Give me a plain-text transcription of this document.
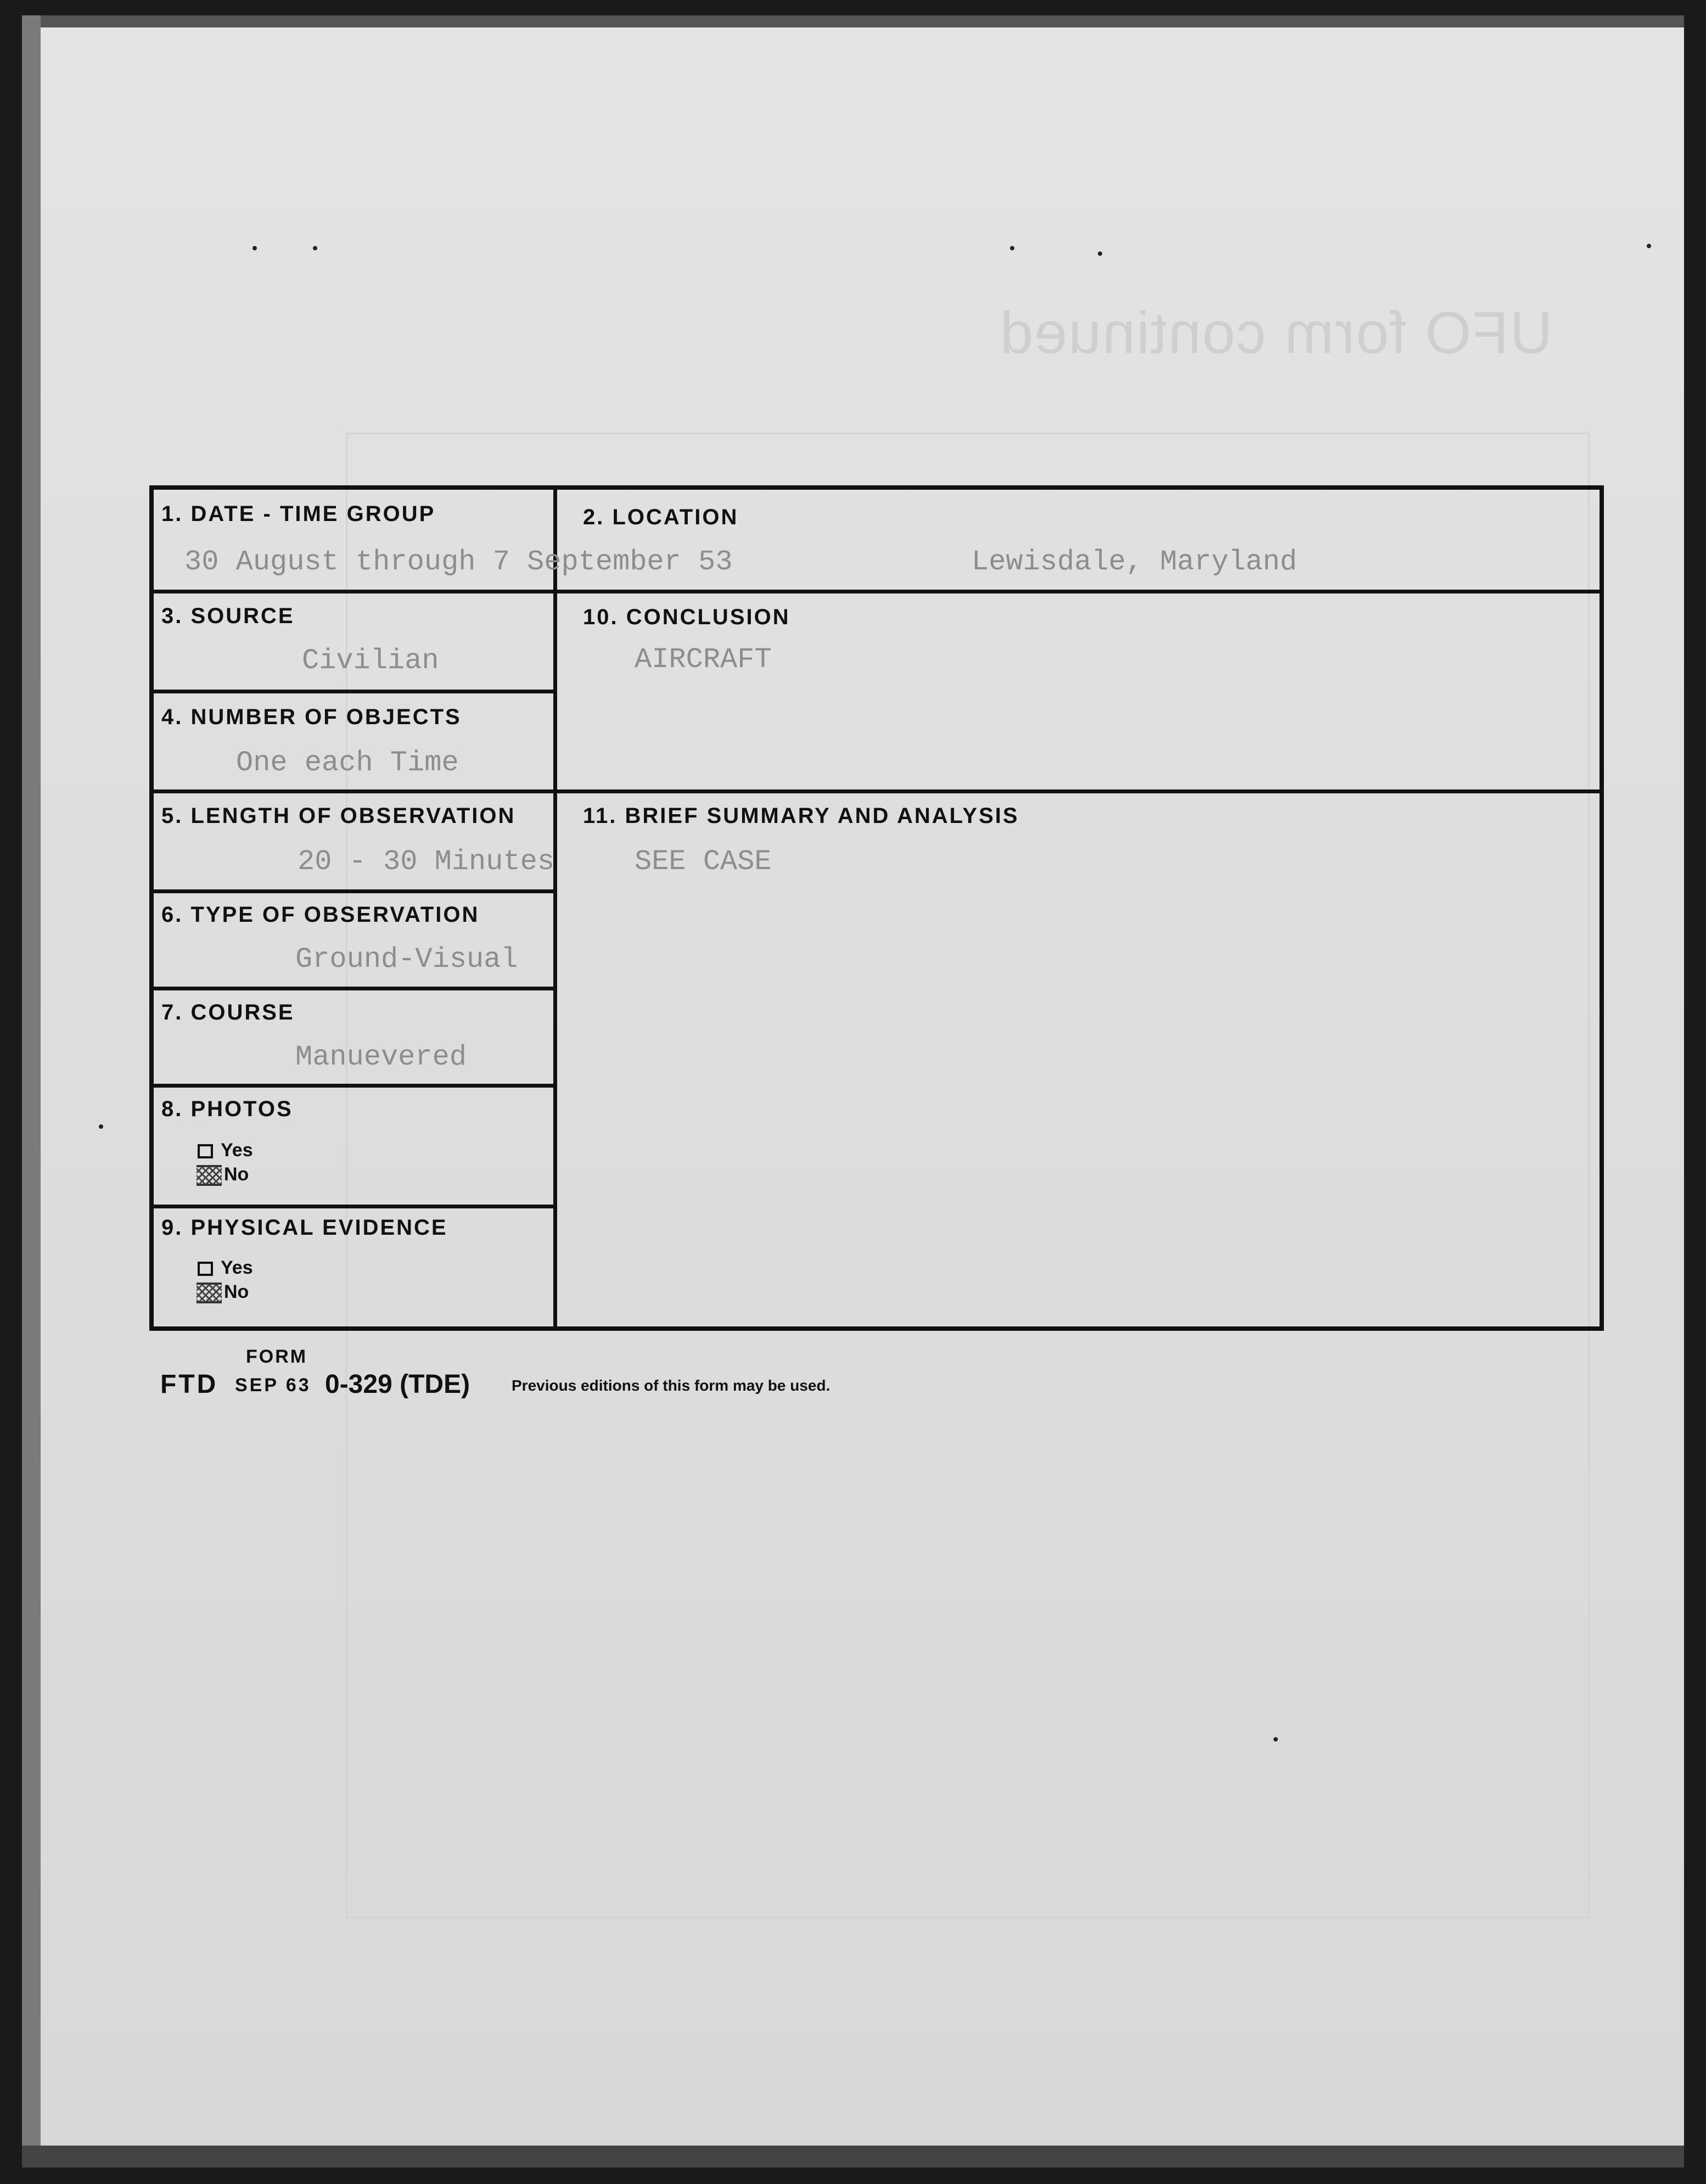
UFO form continued
1. DATE - TIME GROUP
30 August through 7 September 53
2. LOCATION
Lewisdale, Maryland
3. SOURCE
Civilian
10. CONCLUSION
AIRCRAFT
4. NUMBER OF OBJECTS
One each Time
5. LENGTH OF OBSERVATION
20 - 30 Minutes
11. BRIEF SUMMARY AND ANALYSIS
SEE CASE
6. TYPE OF OBSERVATION
Ground-Visual
7. COURSE
Manuevered
8. PHOTOS
Yes
No
9. PHYSICAL EVIDENCE
Yes
No
FORM
FTD SEP 63 0-329 (TDE)	Previous editions of this form may be used.
